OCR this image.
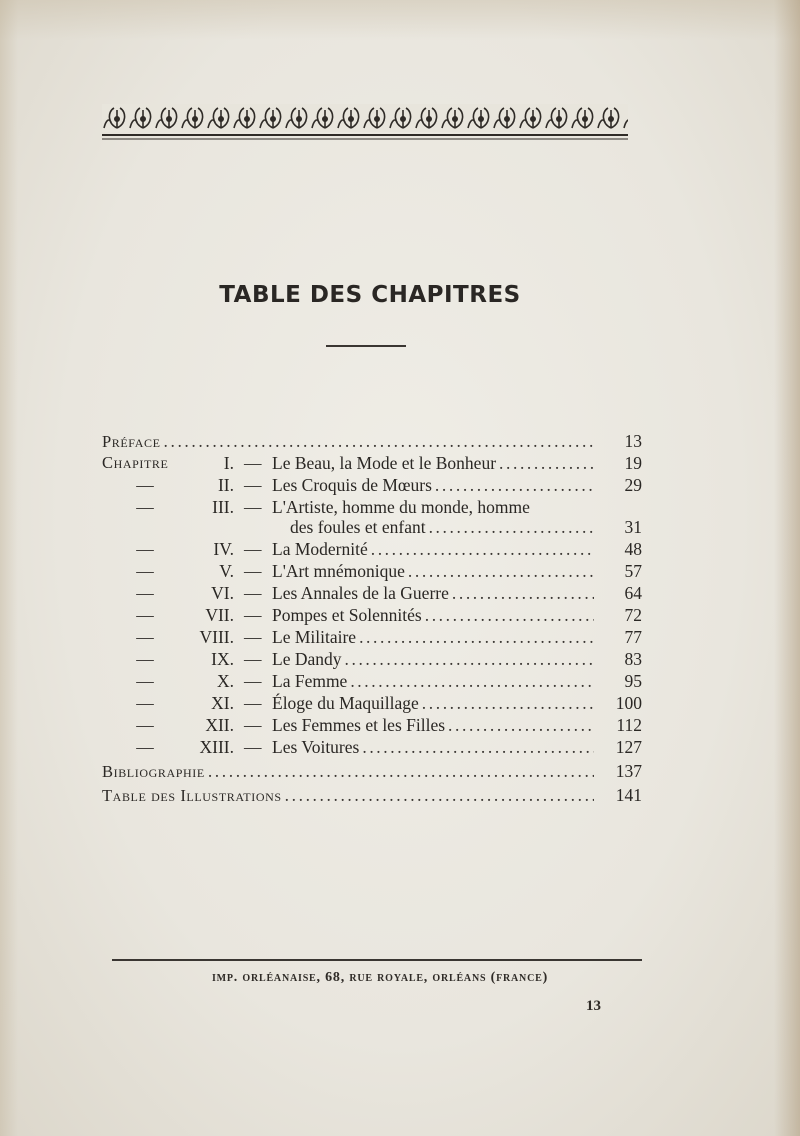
TABLE DES CHAPITRES
Préface .....	13
Chapitre	I. — Le Beau, la Mode et le Bonheur .....	19
—	II. — Les Croquis de Mœurs .....	29
—	III. — L'Artiste, homme du monde, homme
des foules et enfant .....	31
—	IV. — La Modernité .....	48
—	V. — L'Art mnémonique .....	57
—	VI. — Les Annales de la Guerre .....	64
—	VII. — Pompes et Solennités .....	72
—	VIII. — Le Militaire .....	77
—	IX. — Le Dandy .....	83
—	X. — La Femme .....	95
—	XI. — Éloge du Maquillage .....	100
—	XII. — Les Femmes et les Filles .....	112
—	XIII. — Les Voitures .....	127
Bibliographie .....	137
Table des Illustrations .....	141
imp. orléanaise, 68, rue royale, orléans (france)
13
